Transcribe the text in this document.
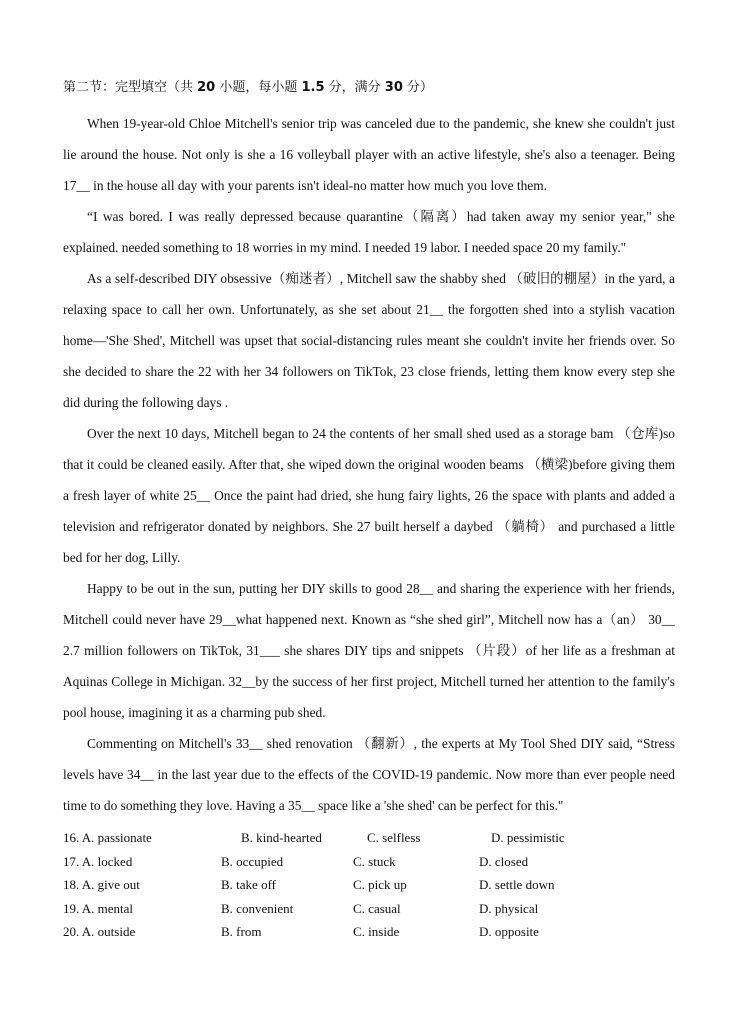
第二节：完型填空（共 20 小题，每小题 1.5 分，满分 30 分）

When 19-year-old Chloe Mitchell's senior trip was canceled due to the pandemic, she knew she couldn't just lie around the house. Not only is she a 16 volleyball player with an active lifestyle, she's also a teenager. Being 17__ in the house all day with your parents isn't ideal-no matter how much you love them.

“I was bored. I was really depressed because quarantine（隔离）had taken away my senior year," she explained. needed something to 18 worries in my mind. I needed 19 labor. I needed space 20 my family."

As a self-described DIY obsessive（痴迷者）, Mitchell saw the shabby shed （破旧的棚屋）in the yard, a relaxing space to call her own. Unfortunately, as she set about 21__ the forgotten shed into a stylish vacation home—'She Shed', Mitchell was upset that social-distancing rules meant she couldn't invite her friends over. So she decided to share the 22 with her 34 followers on TikTok, 23 close friends, letting them know every step she did during the following days .

Over the next 10 days, Mitchell began to 24 the contents of her small shed used as a storage bam （仓库)so that it could be cleaned easily. After that, she wiped down the original wooden beams （横梁)before giving them a fresh layer of white 25__ Once the paint had dried, she hung fairy lights, 26 the space with plants and added a television and refrigerator donated by neighbors. She 27 built herself a daybed （躺椅） and purchased a little bed for her dog, Lilly.

Happy to be out in the sun, putting her DIY skills to good 28__ and sharing the experience with her friends, Mitchell could never have 29__what happened next. Known as “she shed girl”, Mitchell now has a（an） 30__ 2.7 million followers on TikTok, 31___ she shares DIY tips and snippets （片段）of her life as a freshman at Aquinas College in Michigan. 32__by the success of her first project, Mitchell turned her attention to the family's pool house, imagining it as a charming pub shed.

Commenting on Mitchell's 33__ shed renovation （翻新）, the experts at My Tool Shed DIY said, “Stress levels have 34__ in the last year due to the effects of the COVID-19 pandemic. Now more than ever people need time to do something they love. Having a 35__ space like a 'she shed' can be perfect for this."

16. A. passionate	B. kind-hearted	C. selfless	D. pessimistic
17. A. locked	B. occupied	C. stuck	D. closed
18. A. give out	B. take off	C. pick up	D. settle down
19. A. mental	B. convenient	C. casual	D. physical
20. A. outside	B. from	C. inside	D. opposite
